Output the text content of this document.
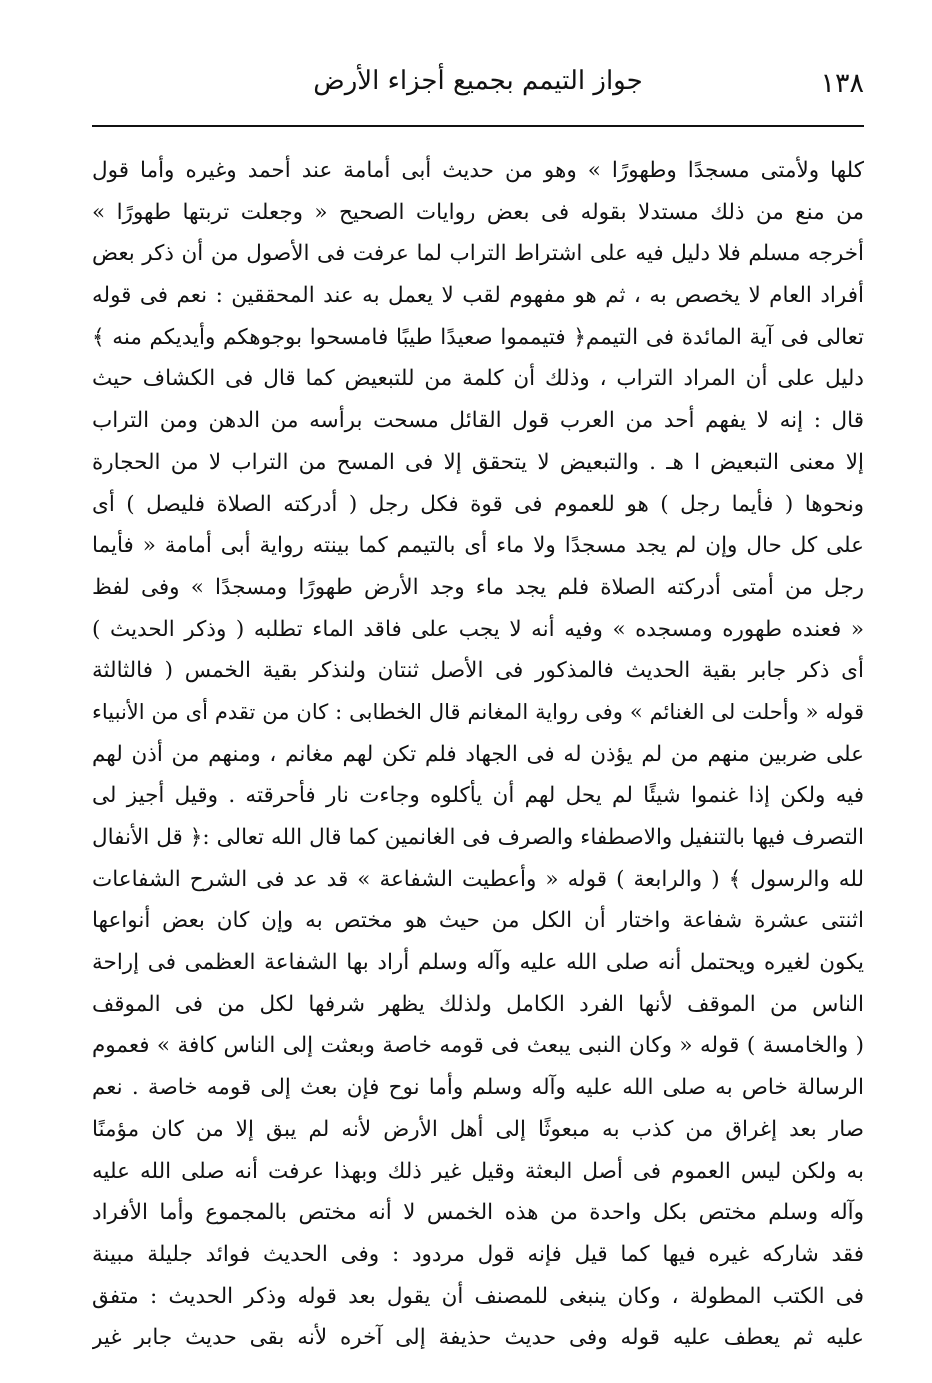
١٣٨
جواز التيمم بجميع أجزاء الأرض
كلها ولأمتى مسجدًا وطهورًا » وهو من حديث أبى أمامة عند أحمد وغيره وأما قول
من منع من ذلك مستدلا بقوله فى بعض روايات الصحيح « وجعلت تربتها طهورًا »
أخرجه مسلم فلا دليل فيه على اشتراط التراب لما عرفت فى الأصول من أن ذكر بعض
أفراد العام لا يخصص به ، ثم هو مفهوم لقب لا يعمل به عند المحققين : نعم فى قوله
تعالى فى آية المائدة فى التيمم﴿ فتيمموا صعيدًا طيبًا فامسحوا بوجوهكم وأيديكم منه ﴾
دليل على أن المراد التراب ، وذلك أن كلمة من للتبعيض كما قال فى الكشاف حيث
قال : إنه لا يفهم أحد من العرب قول القائل مسحت برأسه من الدهن ومن التراب
إلا معنى التبعيض ا هـ . والتبعيض لا يتحقق إلا فى المسح من التراب لا من الحجارة
ونحوها ( فأيما رجل ) هو للعموم فى قوة فكل رجل ( أدركته الصلاة فليصل ) أى
على كل حال وإن لم يجد مسجدًا ولا ماء أى بالتيمم كما بينته رواية أبى أمامة « فأيما
رجل من أمتى أدركته الصلاة فلم يجد ماء وجد الأرض طهورًا ومسجدًا » وفى لفظ
« فعنده طهوره ومسجده » وفيه أنه لا يجب على فاقد الماء تطلبه ( وذكر الحديث )
أى ذكر جابر بقية الحديث فالمذكور فى الأصل ثنتان ولنذكر بقية الخمس ( فالثالثة
قوله « وأحلت لى الغنائم » وفى رواية المغانم قال الخطابى : كان من تقدم أى من الأنبياء
على ضربين منهم من لم يؤذن له فى الجهاد فلم تكن لهم مغانم ، ومنهم من أذن لهم
فيه ولكن إذا غنموا شيئًا لم يحل لهم أن يأكلوه وجاءت نار فأحرقته . وقيل أجيز لى
التصرف فيها بالتنفيل والاصطفاء والصرف فى الغانمين كما قال الله تعالى :﴿ قل الأنفال
لله والرسول ﴾ ( والرابعة ) قوله « وأعطيت الشفاعة » قد عد فى الشرح الشفاعات
اثنتى عشرة شفاعة واختار أن الكل من حيث هو مختص به وإن كان بعض أنواعها
يكون لغيره ويحتمل أنه صلى الله عليه وآله وسلم أراد بها الشفاعة العظمى فى إراحة
الناس من الموقف لأنها الفرد الكامل ولذلك يظهر شرفها لكل من فى الموقف
( والخامسة ) قوله « وكان النبى يبعث فى قومه خاصة وبعثت إلى الناس كافة » فعموم
الرسالة خاص به صلى الله عليه وآله وسلم وأما نوح فإن بعث إلى قومه خاصة . نعم
صار بعد إغراق من كذب به مبعوثًا إلى أهل الأرض لأنه لم يبق إلا من كان مؤمنًا
به ولكن ليس العموم فى أصل البعثة وقيل غير ذلك وبهذا عرفت أنه صلى الله عليه
وآله وسلم مختص بكل واحدة من هذه الخمس لا أنه مختص بالمجموع وأما الأفراد
فقد شاركه غيره فيها كما قيل فإنه قول مردود : وفى الحديث فوائد جليلة مبينة
فى الكتب المطولة ، وكان ينبغى للمصنف أن يقول بعد قوله وذكر الحديث : متفق
عليه ثم يعطف عليه قوله وفى حديث حذيفة إلى آخره لأنه بقى حديث جابر غير
